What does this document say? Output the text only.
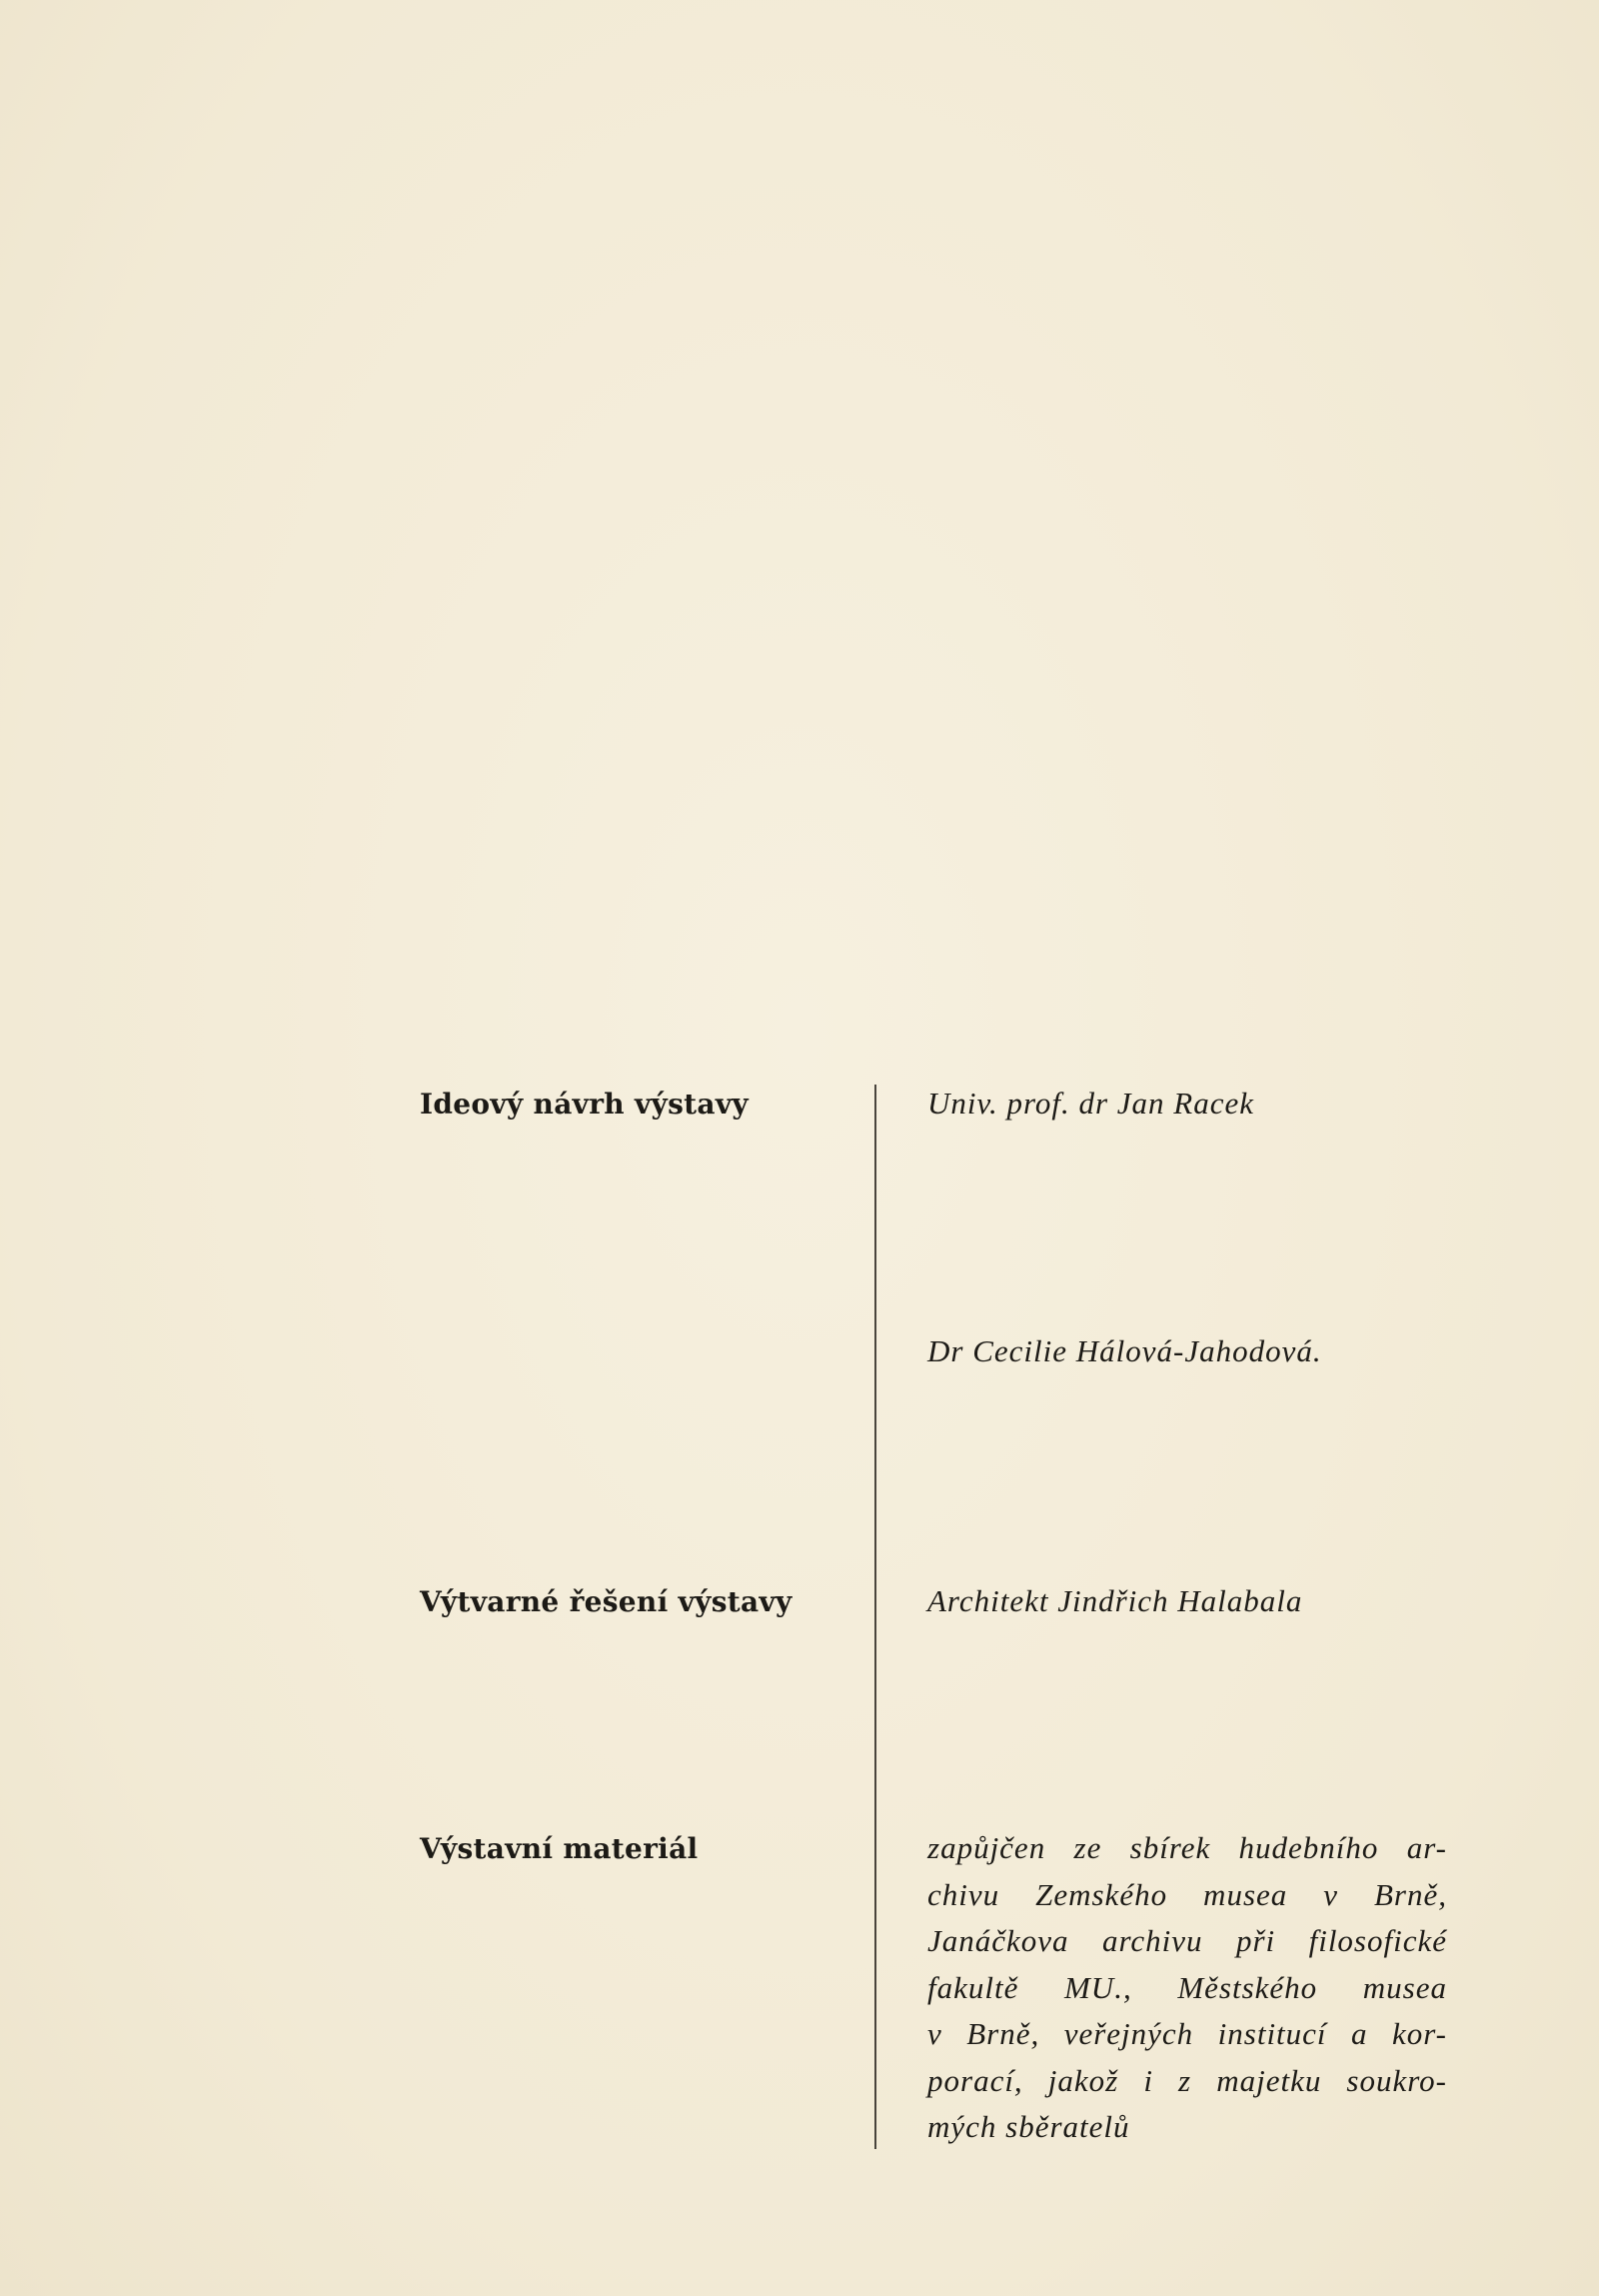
Ideový návrh výstavy	Univ. prof. dr Jan Racek
Dr Cecilie Hálová-Jahodová.
Výtvarné řešení výstavy	Architekt Jindřich Halabala
Výstavní materiál	zapůjčen ze sbírek hudebního ar-
chivu Zemského musea v Brně,
Janáčkova archivu při filosofické
fakultě MU., Městského musea
v Brně, veřejných institucí a kor-
porací, jakož i z majetku soukro-
mých sběratelů
